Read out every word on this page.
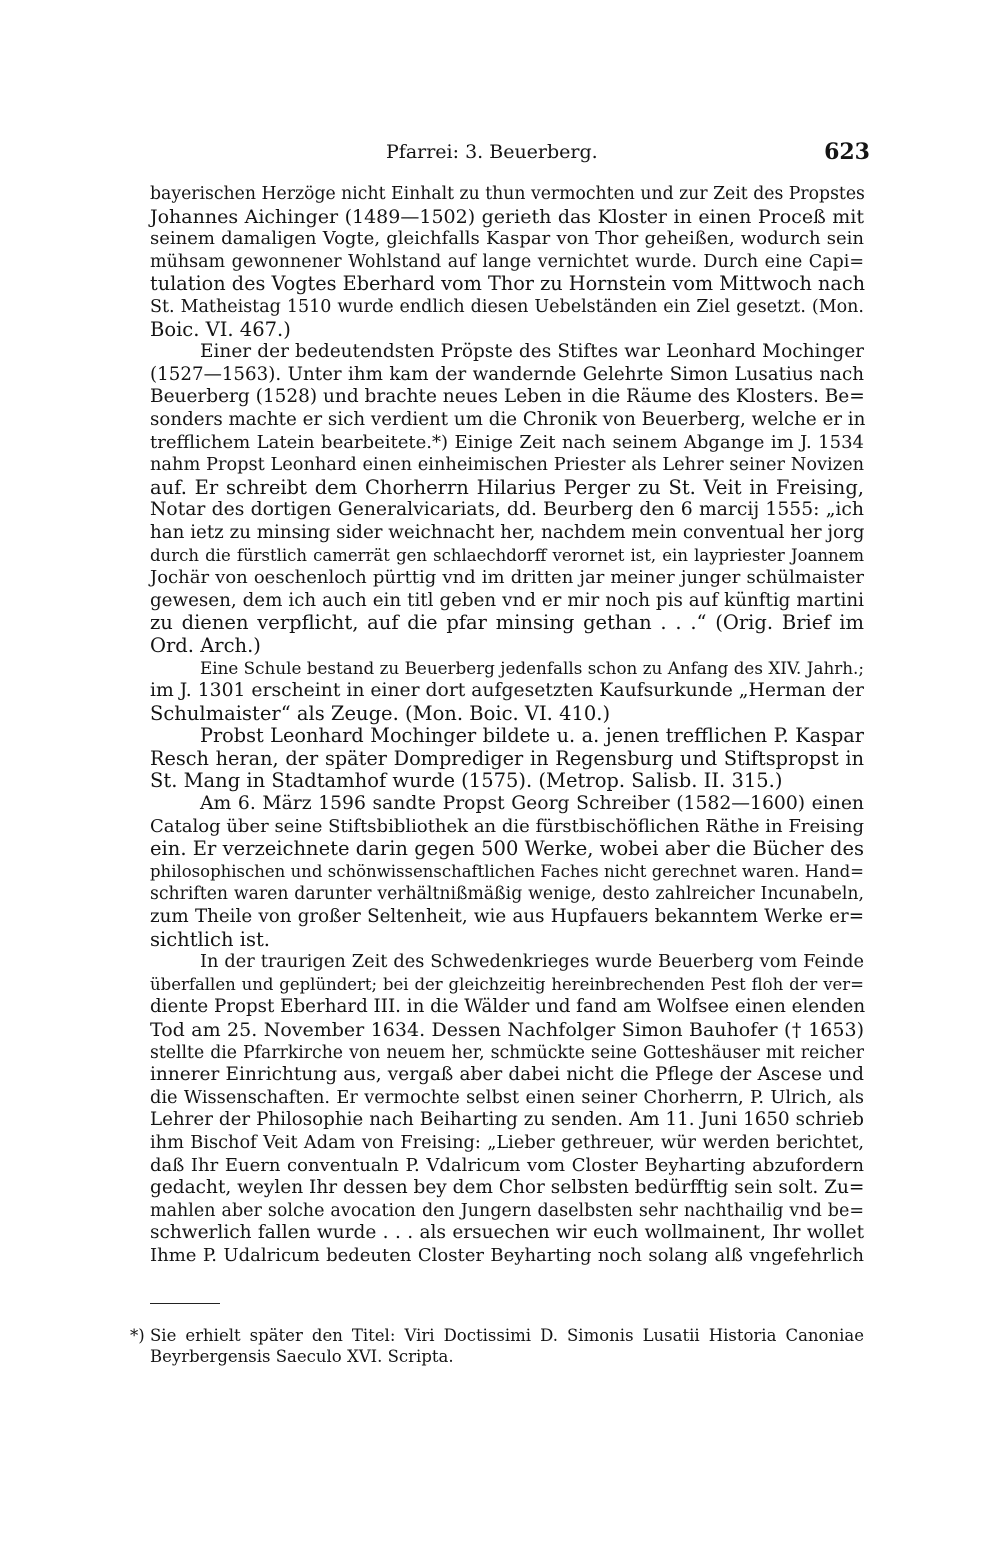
Pfarrei: 3. Beuerberg.	623

bayerischen Herzöge nicht Einhalt zu thun vermochten und zur Zeit des Propstes
Johannes Aichinger (1489—1502) gerieth das Kloster in einen Proceß mit
seinem damaligen Vogte, gleichfalls Kaspar von Thor geheißen, wodurch sein
mühsam gewonnener Wohlstand auf lange vernichtet wurde. Durch eine Capi=
tulation des Vogtes Eberhard vom Thor zu Hornstein vom Mittwoch nach
St. Matheistag 1510 wurde endlich diesen Uebelständen ein Ziel gesetzt. (Mon.
Boic. VI. 467.)

Einer der bedeutendsten Pröpste des Stiftes war Leonhard Mochinger
(1527—1563). Unter ihm kam der wandernde Gelehrte Simon Lusatius nach
Beuerberg (1528) und brachte neues Leben in die Räume des Klosters. Be=
sonders machte er sich verdient um die Chronik von Beuerberg, welche er in
trefflichem Latein bearbeitete.*) Einige Zeit nach seinem Abgange im J. 1534
nahm Propst Leonhard einen einheimischen Priester als Lehrer seiner Novizen
auf. Er schreibt dem Chorherrn Hilarius Perger zu St. Veit in Freising,
Notar des dortigen Generalvicariats, dd. Beurberg den 6 marcij 1555: „ich
han ietz zu minsing sider weichnacht her, nachdem mein conventual her jorg
durch die fürstlich camerrät gen schlaechdorff verornet ist, ein laypriester Joannem
Jochär von oeschenloch pürttig vnd im dritten jar meiner junger schülmaister
gewesen, dem ich auch ein titl geben vnd er mir noch pis auf künftig martini
zu dienen verpflicht, auf die pfar minsing gethan . . .“ (Orig. Brief im
Ord. Arch.)

Eine Schule bestand zu Beuerberg jedenfalls schon zu Anfang des XIV. Jahrh.;
im J. 1301 erscheint in einer dort aufgesetzten Kaufsurkunde „Herman der
Schulmaister“ als Zeuge. (Mon. Boic. VI. 410.)

Probst Leonhard Mochinger bildete u. a. jenen trefflichen P. Kaspar
Resch heran, der später Domprediger in Regensburg und Stiftspropst in
St. Mang in Stadtamhof wurde (1575). (Metrop. Salisb. II. 315.)

Am 6. März 1596 sandte Propst Georg Schreiber (1582—1600) einen
Catalog über seine Stiftsbibliothek an die fürstbischöflichen Räthe in Freising
ein. Er verzeichnete darin gegen 500 Werke, wobei aber die Bücher des
philosophischen und schönwissenschaftlichen Faches nicht gerechnet waren. Hand=
schriften waren darunter verhältnißmäßig wenige, desto zahlreicher Incunabeln,
zum Theile von großer Seltenheit, wie aus Hupfauers bekanntem Werke er=
sichtlich ist.

In der traurigen Zeit des Schwedenkrieges wurde Beuerberg vom Feinde
überfallen und geplündert; bei der gleichzeitig hereinbrechenden Pest floh der ver=
diente Propst Eberhard III. in die Wälder und fand am Wolfsee einen elenden
Tod am 25. November 1634. Dessen Nachfolger Simon Bauhofer († 1653)
stellte die Pfarrkirche von neuem her, schmückte seine Gotteshäuser mit reicher
innerer Einrichtung aus, vergaß aber dabei nicht die Pflege der Ascese und
die Wissenschaften. Er vermochte selbst einen seiner Chorherrn, P. Ulrich, als
Lehrer der Philosophie nach Beiharting zu senden. Am 11. Juni 1650 schrieb
ihm Bischof Veit Adam von Freising: „Lieber gethreuer, wür werden berichtet,
daß Ihr Euern conventualn P. Vdalricum vom Closter Beyharting abzufordern
gedacht, weylen Ihr dessen bey dem Chor selbsten bedürfftig sein solt. Zu=
mahlen aber solche avocation den Jungern daselbsten sehr nachthailig vnd be=
schwerlich fallen wurde . . . als ersuechen wir euch wollmainent, Ihr wollet
Ihme P. Udalricum bedeuten Closter Beyharting noch solang alß vngefehrlich

*) Sie erhielt später den Titel: Viri Doctissimi D. Simonis Lusatii Historia Canoniae
Beyrbergensis Saeculo XVI. Scripta.
